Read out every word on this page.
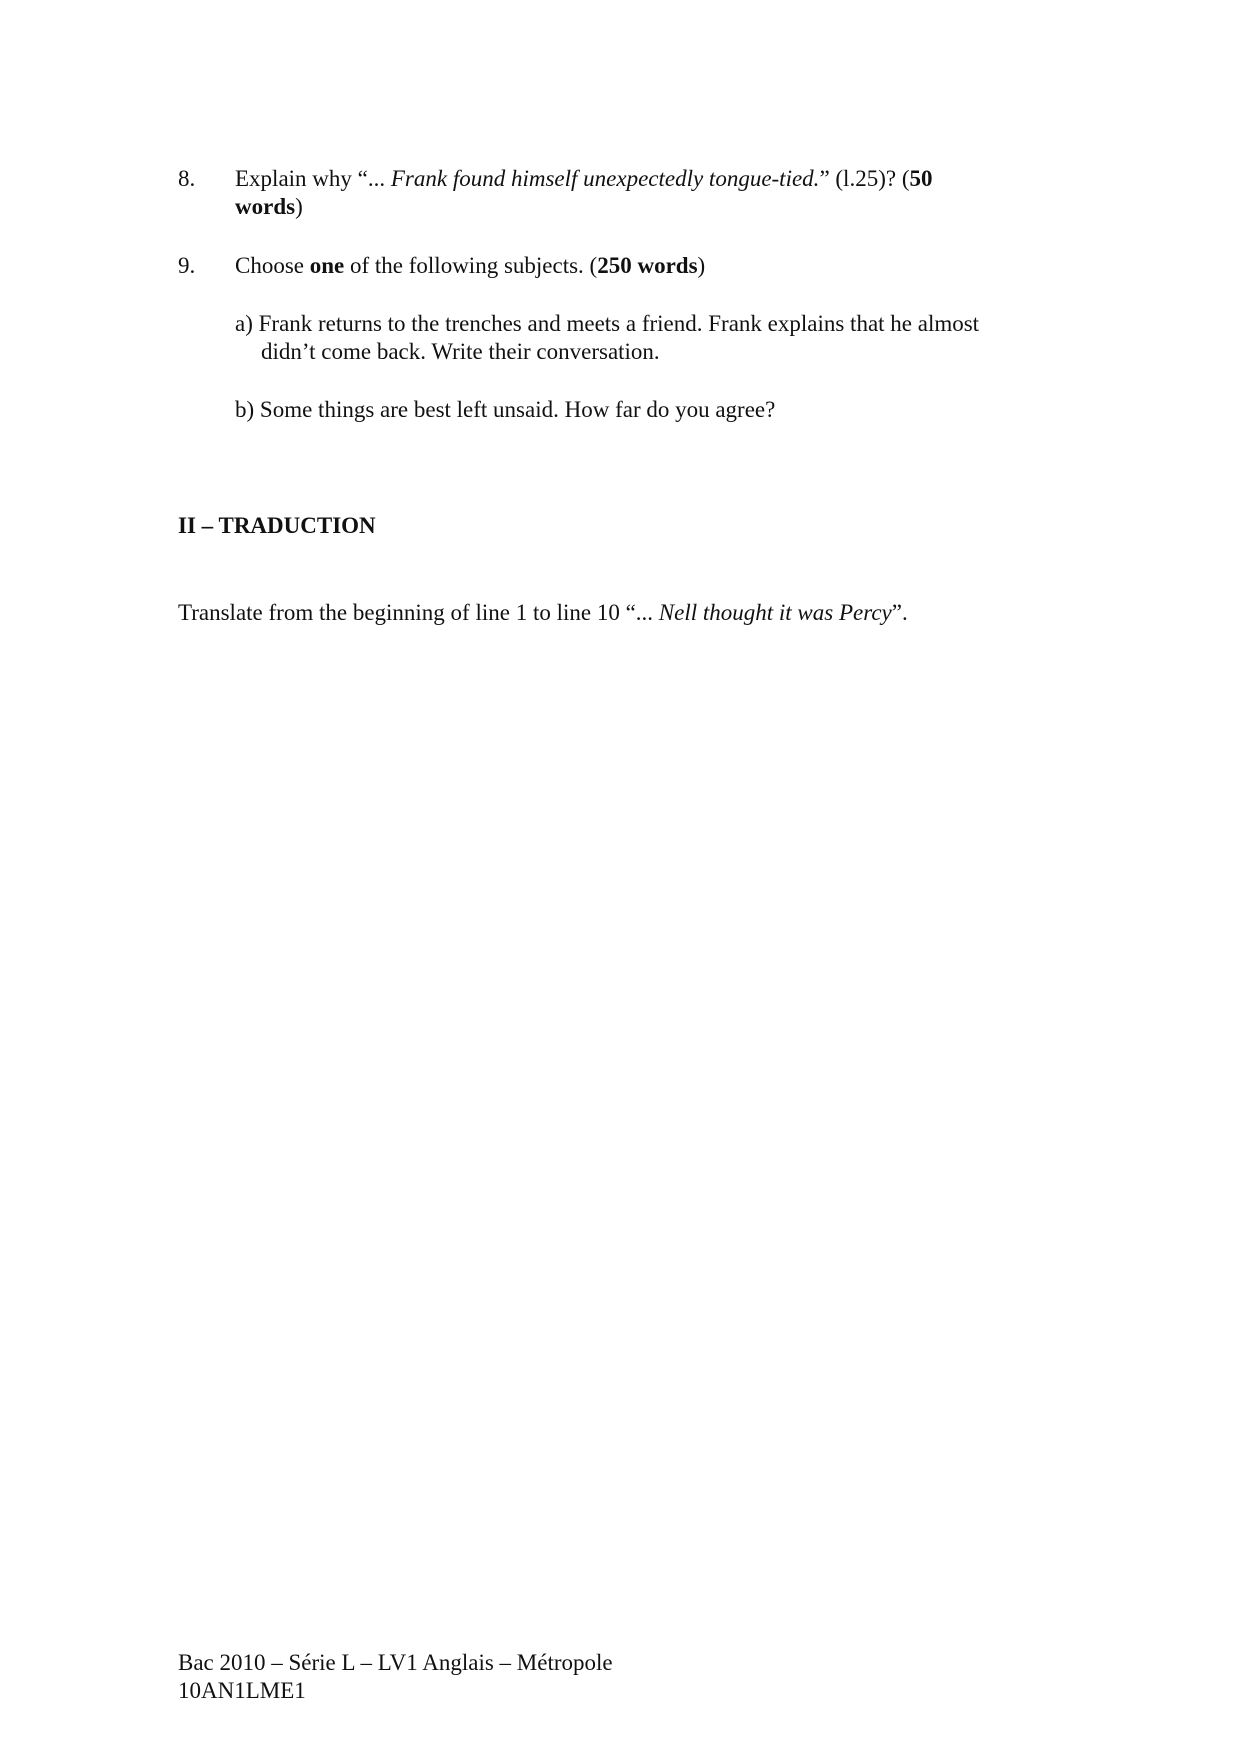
8. Explain why “... Frank found himself unexpectedly tongue-tied.” (l.25)? (50
words)
9. Choose one of the following subjects. (250 words)
a) Frank returns to the trenches and meets a friend. Frank explains that he almost
didn’t come back. Write their conversation.
b) Some things are best left unsaid. How far do you agree?
II – TRADUCTION
Translate from the beginning of line 1 to line 10 “... Nell thought it was Percy”.
Bac 2010 – Série L – LV1 Anglais – Métropole
10AN1LME1
